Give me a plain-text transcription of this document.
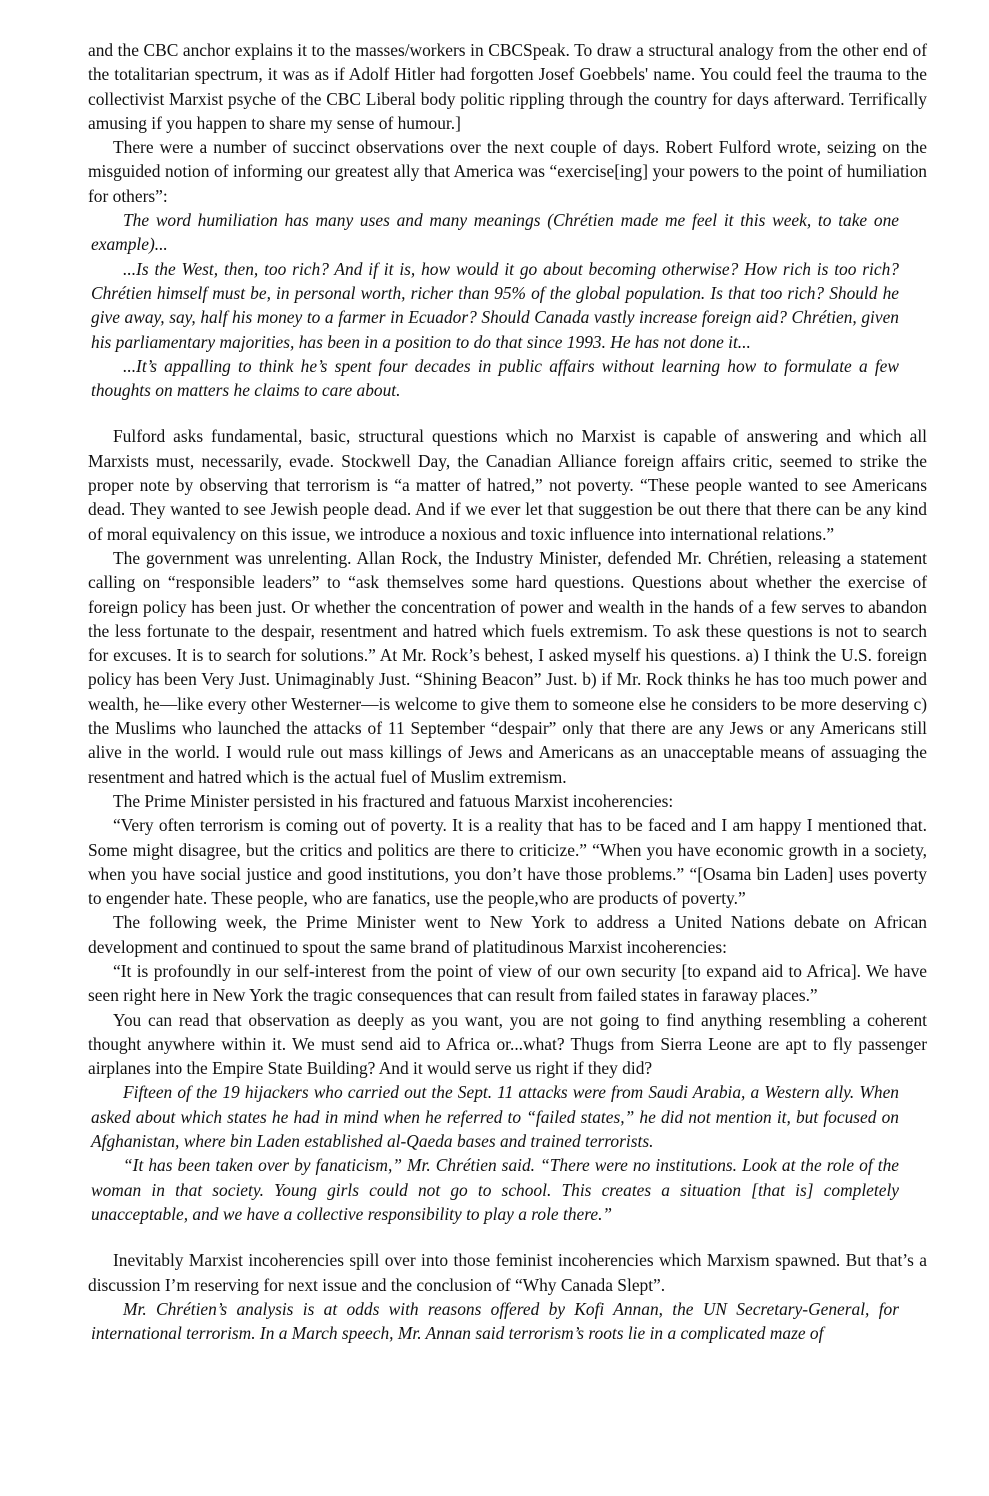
and the CBC anchor explains it to the masses/workers in CBCSpeak. To draw a structural analogy from the other end of the totalitarian spectrum, it was as if Adolf Hitler had forgotten Josef Goebbels' name. You could feel the trauma to the collectivist Marxist psyche of the CBC Liberal body politic rippling through the country for days afterward. Terrifically amusing if you happen to share my sense of humour.]

There were a number of succinct observations over the next couple of days. Robert Fulford wrote, seizing on the misguided notion of informing our greatest ally that America was “exercise[ing] your powers to the point of humiliation for others”:

The word humiliation has many uses and many meanings (Chrétien made me feel it this week, to take one example)...

...Is the West, then, too rich? And if it is, how would it go about becoming otherwise? How rich is too rich? Chrétien himself must be, in personal worth, richer than 95% of the global population. Is that too rich? Should he give away, say, half his money to a farmer in Ecuador? Should Canada vastly increase foreign aid? Chrétien, given his parliamentary majorities, has been in a position to do that since 1993. He has not done it...

...It’s appalling to think he’s spent four decades in public affairs without learning how to formulate a few thoughts on matters he claims to care about.

Fulford asks fundamental, basic, structural questions which no Marxist is capable of answering and which all Marxists must, necessarily, evade. Stockwell Day, the Canadian Alliance foreign affairs critic, seemed to strike the proper note by observing that terrorism is “a matter of hatred,” not poverty. “These people wanted to see Americans dead. They wanted to see Jewish people dead. And if we ever let that suggestion be out there that there can be any kind of moral equivalency on this issue, we introduce a noxious and toxic influence into international relations.”

The government was unrelenting. Allan Rock, the Industry Minister, defended Mr. Chrétien, releasing a statement calling on “responsible leaders” to “ask themselves some hard questions. Questions about whether the exercise of foreign policy has been just. Or whether the concentration of power and wealth in the hands of a few serves to abandon the less fortunate to the despair, resentment and hatred which fuels extremism. To ask these questions is not to search for excuses. It is to search for solutions.” At Mr. Rock’s behest, I asked myself his questions. a) I think the U.S. foreign policy has been Very Just. Unimaginably Just. “Shining Beacon” Just. b) if Mr. Rock thinks he has too much power and wealth, he—like every other Westerner—is welcome to give them to someone else he considers to be more deserving c) the Muslims who launched the attacks of 11 September “despair” only that there are any Jews or any Americans still alive in the world. I would rule out mass killings of Jews and Americans as an unacceptable means of assuaging the resentment and hatred which is the actual fuel of Muslim extremism.

The Prime Minister persisted in his fractured and fatuous Marxist incoherencies:

“Very often terrorism is coming out of poverty. It is a reality that has to be faced and I am happy I mentioned that. Some might disagree, but the critics and politics are there to criticize.” “When you have economic growth in a society, when you have social justice and good institutions, you don’t have those problems.” “[Osama bin Laden] uses poverty to engender hate. These people, who are fanatics, use the people,who are products of poverty.”

The following week, the Prime Minister went to New York to address a United Nations debate on African development and continued to spout the same brand of platitudinous Marxist incoherencies:

“It is profoundly in our self-interest from the point of view of our own security [to expand aid to Africa]. We have seen right here in New York the tragic consequences that can result from failed states in faraway places.”

You can read that observation as deeply as you want, you are not going to find anything resembling a coherent thought anywhere within it. We must send aid to Africa or...what? Thugs from Sierra Leone are apt to fly passenger airplanes into the Empire State Building? And it would serve us right if they did?

Fifteen of the 19 hijackers who carried out the Sept. 11 attacks were from Saudi Arabia, a Western ally. When asked about which states he had in mind when he referred to “failed states,” he did not mention it, but focused on Afghanistan, where bin Laden established al-Qaeda bases and trained terrorists.

“It has been taken over by fanaticism,” Mr. Chrétien said. “There were no institutions. Look at the role of the woman in that society. Young girls could not go to school. This creates a situation [that is] completely unacceptable, and we have a collective responsibility to play a role there.”

Inevitably Marxist incoherencies spill over into those feminist incoherencies which Marxism spawned. But that’s a discussion I’m reserving for next issue and the conclusion of “Why Canada Slept”.

Mr. Chrétien’s analysis is at odds with reasons offered by Kofi Annan, the UN Secretary-General, for international terrorism. In a March speech, Mr. Annan said terrorism’s roots lie in a complicated maze of
